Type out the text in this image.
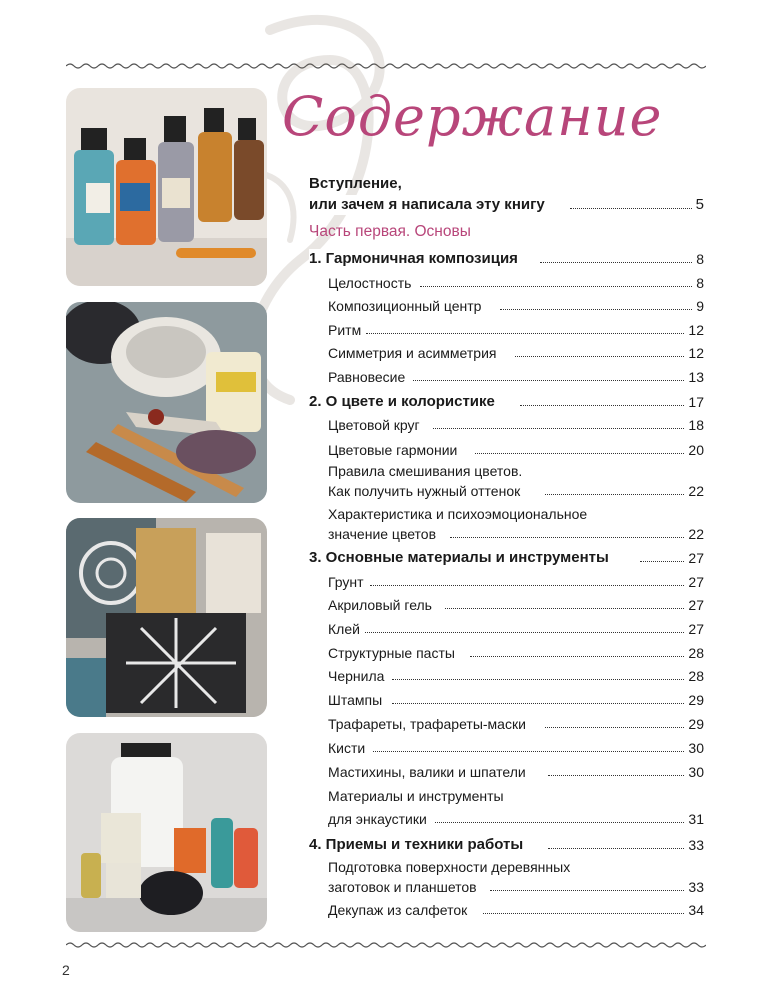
Содержание
Вступление,
или зачем я написала эту книгу	5
Часть первая. Основы
1. Гармоничная композиция	8
Целостность	8
Композиционный центр	9
Ритм	12
Симметрия и асимметрия	12
Равновесие	13
2. О цвете и колористике	17
Цветовой круг	18
Цветовые гармонии	20
Правила смешивания цветов.
Как получить нужный оттенок	22
Характеристика и психоэмоциональное
значение цветов	22
3. Основные материалы и инструменты	27
Грунт	27
Акриловый гель	27
Клей	27
Структурные пасты	28
Чернила	28
Штампы	29
Трафареты, трафареты-маски	29
Кисти	30
Мастихины, валики и шпатели	30
Материалы и инструменты
для энкаустики	31
4. Приемы и техники работы	33
Подготовка поверхности деревянных
заготовок и планшетов	33
Декупаж из салфеток	34
2
